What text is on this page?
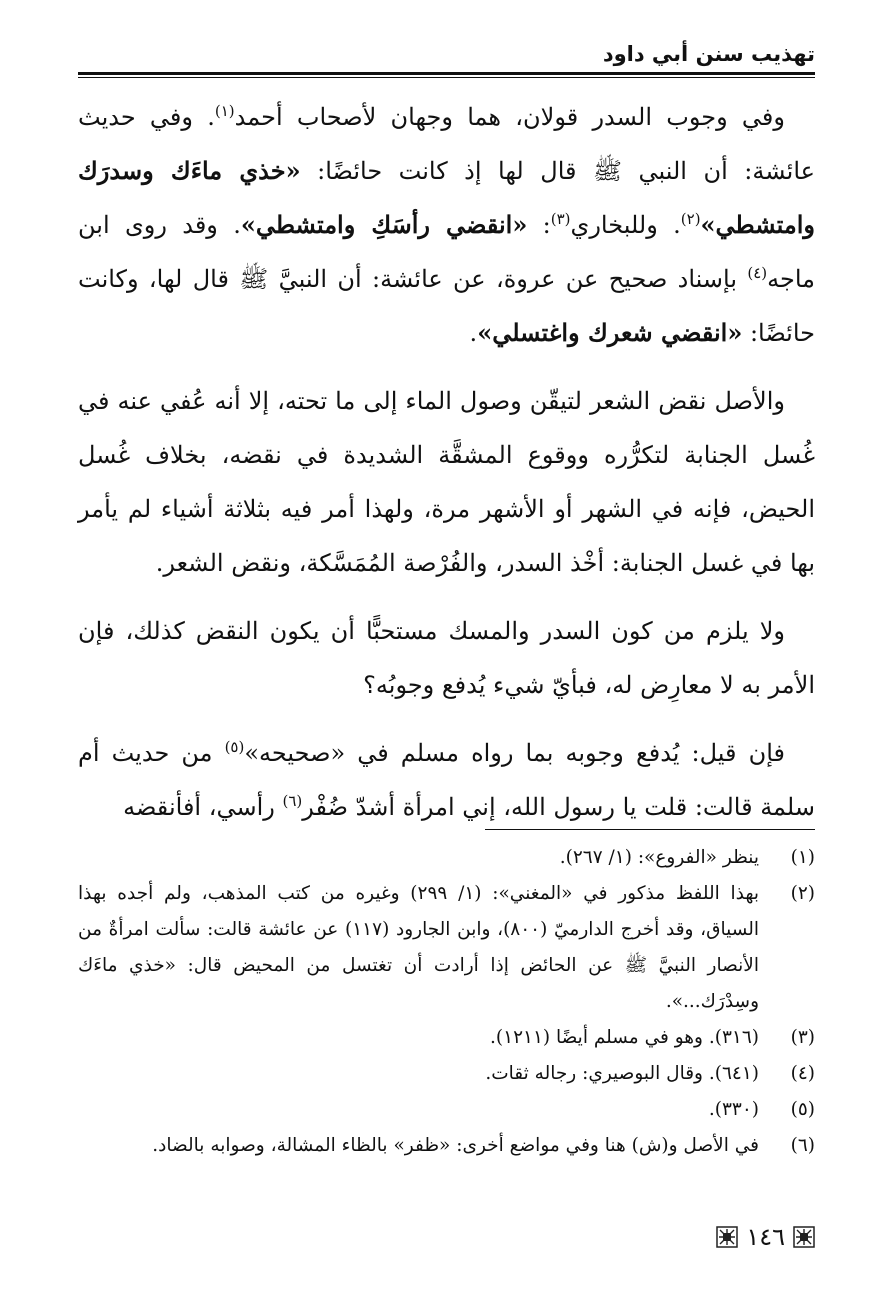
تهذيب سنن أبي داود

وفي وجوب السدر قولان، هما وجهان لأصحاب أحمد$^{(١)}$. وفي حديث عائشة: أن النبي ﷺ قال لها إذ كانت حائضًا: «خذي ماءَك وسدرَك وامتشطي»$^{(٢)}$. وللبخاري$^{(٣)}$: «انقضي رأسَكِ وامتشطي». وقد روى ابن ماجه$^{(٤)}$ بإسناد صحيح عن عروة، عن عائشة: أن النبيَّ ﷺ قال لها، وكانت حائضًا: «انقضي شعرك واغتسلي».

والأصل نقض الشعر لتيقّن وصول الماء إلى ما تحته، إلا أنه عُفي عنه في غُسل الجنابة لتكرُّره ووقوع المشقَّة الشديدة في نقضه، بخلاف غُسل الحيض، فإنه في الشهر أو الأشهر مرة، ولهذا أمر فيه بثلاثة أشياء لم يأمر بها في غسل الجنابة: أخْذ السدر، والفُرْصة المُمَسَّكة، ونقض الشعر.

ولا يلزم من كون السدر والمسك مستحبًّا أن يكون النقض كذلك، فإن الأمر به لا معارِض له، فبأيّ شيء يُدفع وجوبُه؟

فإن قيل: يُدفع وجوبه بما رواه مسلم في «صحيحه»$^{(٥)}$ من حديث أم سلمة قالت: قلت يا رسول الله، إني امرأة أشدّ ضُفْر$^{(٦)}$ رأسي، أفأنقضه

(١)
ينظر «الفروع»: (١/ ٢٦٧).
(٢)
بهذا اللفظ مذكور في «المغني»: (١/ ٢٩٩) وغيره من كتب المذهب، ولم أجده بهذا السياق، وقد أخرج الدارميّ (٨٠٠)، وابن الجارود (١١٧) عن عائشة قالت: سألت امرأةٌ من الأنصار النبيَّ ﷺ عن الحائض إذا أرادت أن تغتسل من المحيض قال: «خذي ماءَك وسِدْرَك...».
(٣)
(٣١٦). وهو في مسلم أيضًا (١٢١١).
(٤)
(٦٤١). وقال البوصيري: رجاله ثقات.
(٥)
(٣٣٠).
(٦)
في الأصل و(ش) هنا وفي مواضع أخرى: «ظفر» بالظاء المشالة، وصوابه بالضاد.
١٤٦
